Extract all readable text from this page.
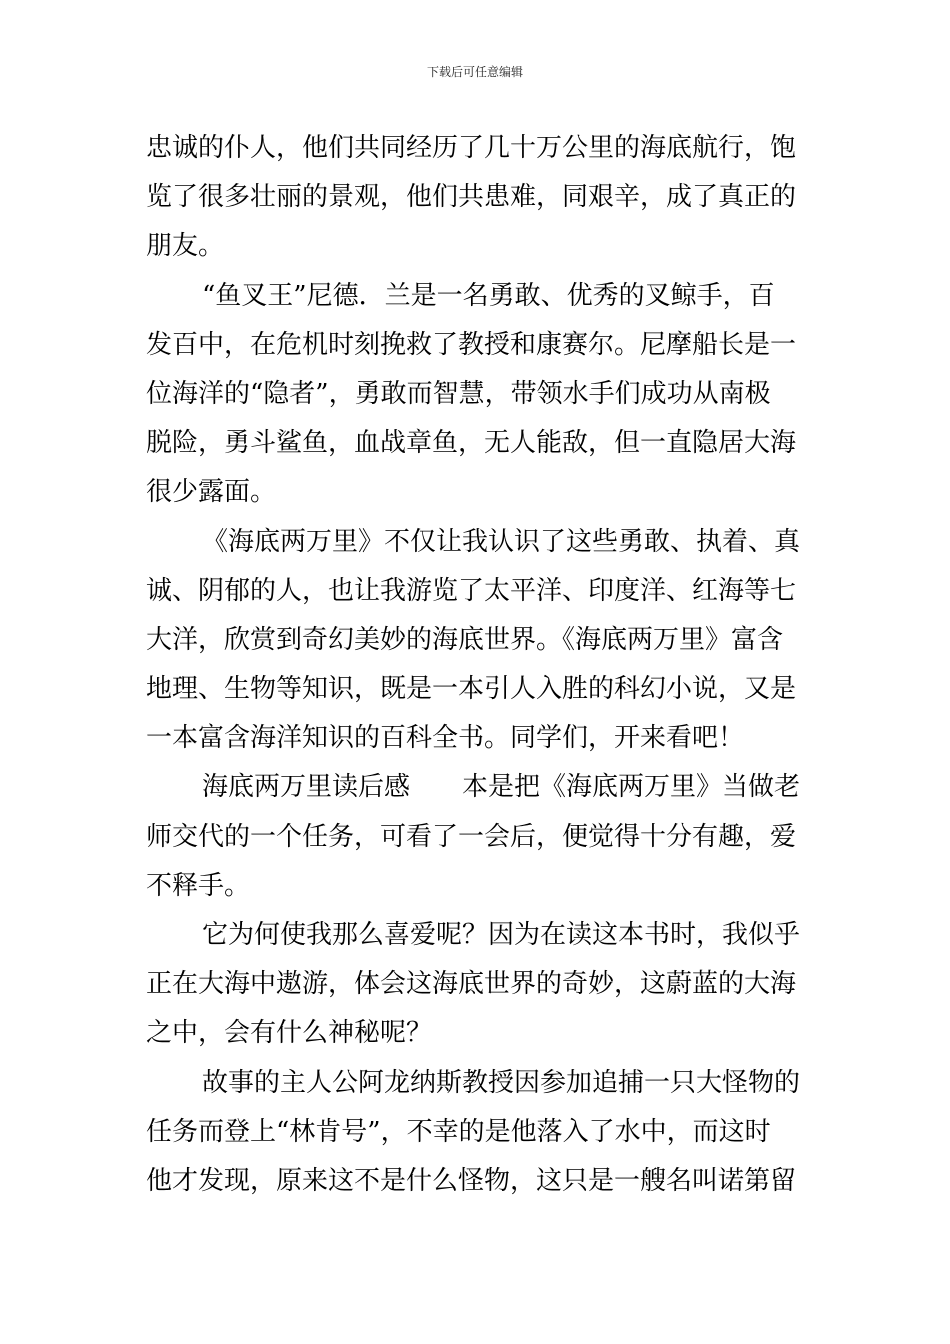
下载后可任意编辑
忠诚的仆人，他们共同经历了几十万公里的海底航行，饱
览了很多壮丽的景观，他们共患难，同艰辛，成了真正的
朋友。
“鱼叉王”尼德．兰是一名勇敢、优秀的叉鲸手，百
发百中，在危机时刻挽救了教授和康赛尔。尼摩船长是一
位海洋的“隐者”，勇敢而智慧，带领水手们成功从南极
脱险，勇斗鲨鱼，血战章鱼，无人能敌，但一直隐居大海
很少露面。
《海底两万里》不仅让我认识了这些勇敢、执着、真
诚、阴郁的人，也让我游览了太平洋、印度洋、红海等七
大洋，欣赏到奇幻美妙的海底世界。《海底两万里》富含
地理、生物等知识，既是一本引人入胜的科幻小说，又是
一本富含海洋知识的百科全书。同学们，开来看吧！
海底两万里读后感　　本是把《海底两万里》当做老
师交代的一个任务，可看了一会后，便觉得十分有趣，爱
不释手。
它为何使我那么喜爱呢？因为在读这本书时，我似乎
正在大海中遨游，体会这海底世界的奇妙，这蔚蓝的大海
之中，会有什么神秘呢？
故事的主人公阿龙纳斯教授因参加追捕一只大怪物的
任务而登上“林肯号”，不幸的是他落入了水中，而这时
他才发现，原来这不是什么怪物，这只是一艘名叫诺第留
